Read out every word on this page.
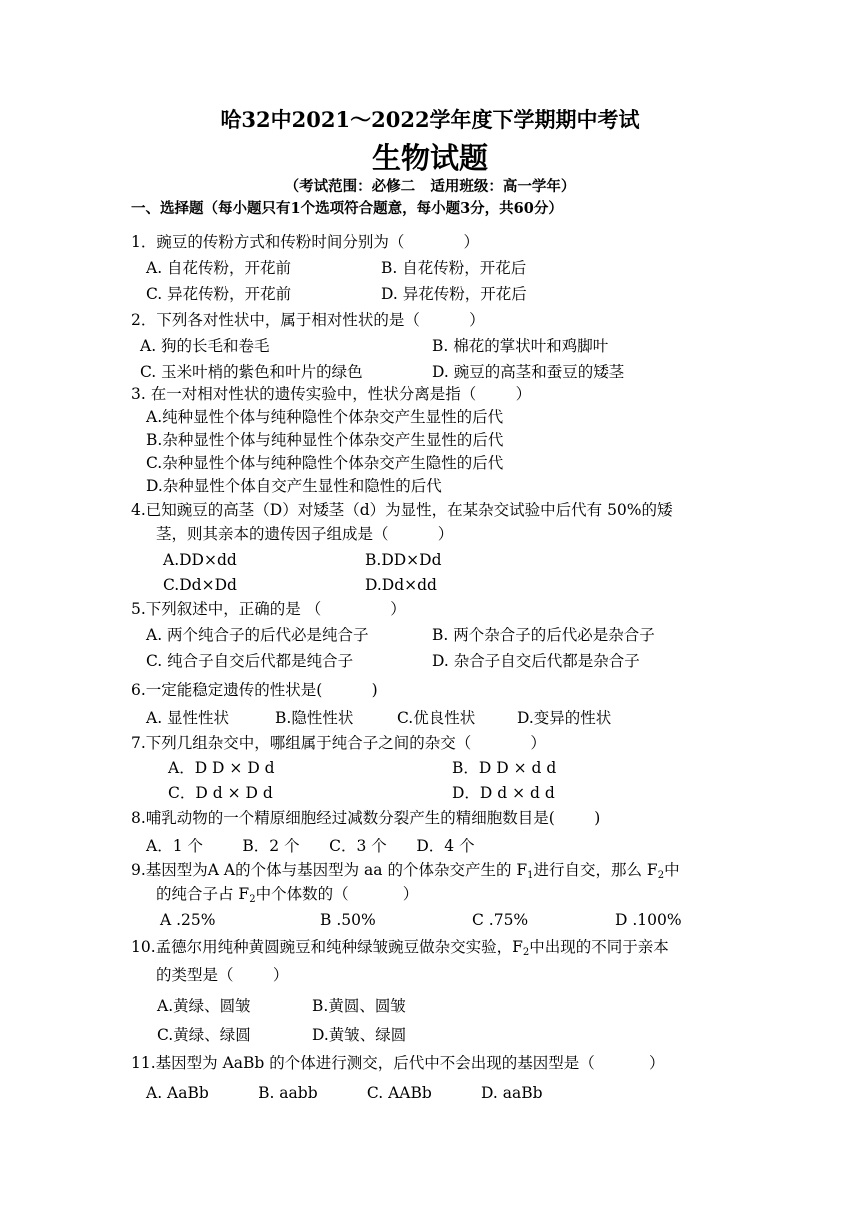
哈32中2021～2022学年度下学期期中考试
生物试题
（考试范围：必修二   适用班级：高一学年）
一、选择题（每小题只有1个选项符合题意，每小题3分，共60分）
1．豌豆的传粉方式和传粉时间分别为（            ）
A. 自花传粉，开花前	B. 自花传粉，开花后
C. 异花传粉，开花前	D. 异花传粉，开花后
2．下列各对性状中，属于相对性状的是（          ）
A. 狗的长毛和卷毛	B. 棉花的掌状叶和鸡脚叶
C. 玉米叶梢的紫色和叶片的绿色	D. 豌豆的高茎和蚕豆的矮茎
3. 在一对相对性状的遗传实验中，性状分离是指（        ）
A.纯种显性个体与纯种隐性个体杂交产生显性的后代
B.杂种显性个体与纯种显性个体杂交产生显性的后代
C.杂种显性个体与纯种隐性个体杂交产生隐性的后代
D.杂种显性个体自交产生显性和隐性的后代
4.已知豌豆的高茎（D）对矮茎（d）为显性，在某杂交试验中后代有 50%的矮
茎，则其亲本的遗传因子组成是（          ）
A.DD×dd	B.DD×Dd
C.Dd×Dd	D.Dd×dd
5.下列叙述中，正确的是 （              ）
A. 两个纯合子的后代必是纯合子	B. 两个杂合子的后代必是杂合子
C. 纯合子自交后代都是纯合子	D. 杂合子自交后代都是杂合子
6.一定能稳定遗传的性状是(          )
A. 显性性状	B.隐性性状	C.优良性状	D.变异的性状
7.下列几组杂交中，哪组属于纯合子之间的杂交（            ）
A．D D × D d	B．D D × d d
C．D d × D d	D．D d × d d
8.哺乳动物的一个精原细胞经过减数分裂产生的精细胞数目是(        )
A．1 个        B．2 个      C．3 个      D．4 个
9.基因型为A A的个体与基因型为 aa 的个体杂交产生的 $F_1$进行自交，那么 $F_2$中
的纯合子占 $F_2$中个体数的（           ）
A .25%	B .50%	C .75%	D .100%
10.孟德尔用纯种黄圆豌豆和纯种绿皱豌豆做杂交实验，$F_2$中出现的不同于亲本
的类型是（        ）
A.黄绿、圆皱	B.黄圆、圆皱
C.黄绿、绿圆	D.黄皱、绿圆
11.基因型为 AaBb 的个体进行测交，后代中不会出现的基因型是（           ）
A. AaBb          B. aabb          C. AABb          D. aaBb
